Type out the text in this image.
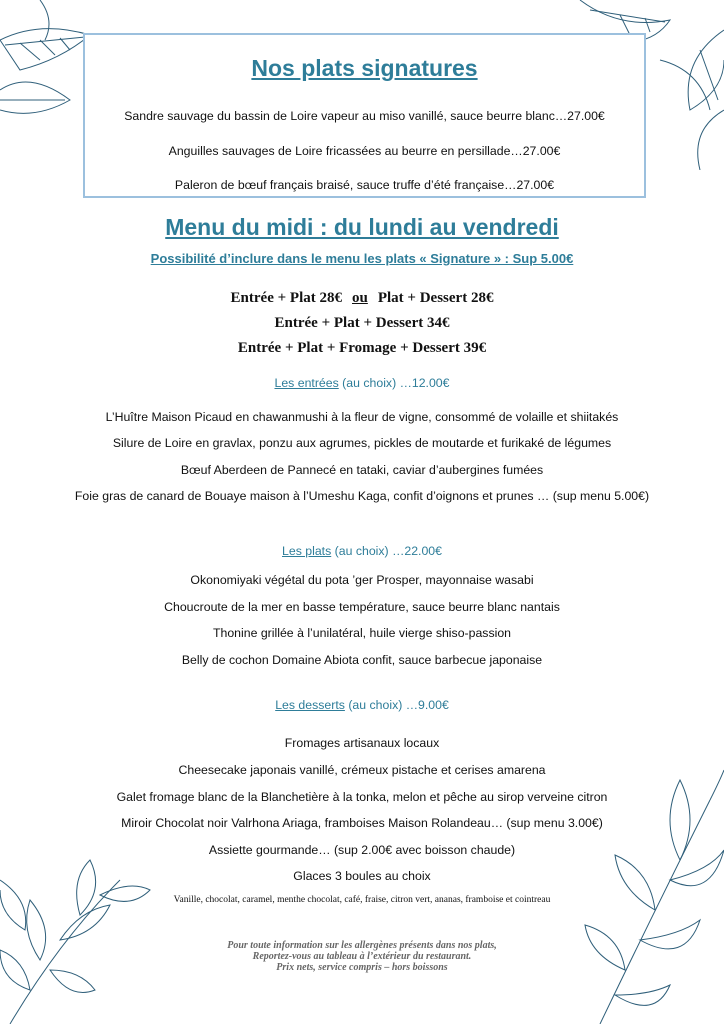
Nos plats signatures
Sandre sauvage du bassin de Loire vapeur au miso vanillé, sauce beurre blanc…27.00€
Anguilles sauvages de Loire fricassées au beurre en persillade…27.00€
Paleron de bœuf français braisé, sauce truffe d’été française…27.00€
Menu du midi : du lundi au vendredi
Possibilité d’inclure dans le menu les plats « Signature » : Sup 5.00€
Entrée + Plat 28€ ou Plat + Dessert 28€
Entrée + Plat + Dessert 34€
Entrée + Plat + Fromage + Dessert 39€
Les entrées (au choix) …12.00€
L’Huître Maison Picaud en chawanmushi à la fleur de vigne, consommé de volaille et shiitakés
Silure de Loire en gravlax, ponzu aux agrumes, pickles de moutarde et furikaké de légumes
Bœuf Aberdeen de Pannecé en tataki, caviar d’aubergines fumées
Foie gras de canard de Bouaye maison à l’Umeshu Kaga, confit d’oignons et prunes … (sup menu 5.00€)
Les plats (au choix) …22.00€
Okonomiyaki végétal du pota ’ger Prosper, mayonnaise wasabi
Choucroute de la mer en basse température, sauce beurre blanc nantais
Thonine grillée à l’unilatéral, huile vierge shiso-passion
Belly de cochon Domaine Abiota confit, sauce barbecue japonaise
Les desserts (au choix) …9.00€
Fromages artisanaux locaux
Cheesecake japonais vanillé, crémeux pistache et cerises amarena
Galet fromage blanc de la Blanchetière à la tonka, melon et pêche au sirop verveine citron
Miroir Chocolat noir Valrhona Ariaga, framboises Maison Rolandeau… (sup menu 3.00€)
Assiette gourmande… (sup 2.00€ avec boisson chaude)
Glaces 3 boules au choix
Vanille, chocolat, caramel, menthe chocolat, café, fraise, citron vert, ananas, framboise et cointreau
Pour toute information sur les allergènes présents dans nos plats,
Reportez-vous au tableau à l’extérieur du restaurant.
Prix nets, service compris – hors boissons
